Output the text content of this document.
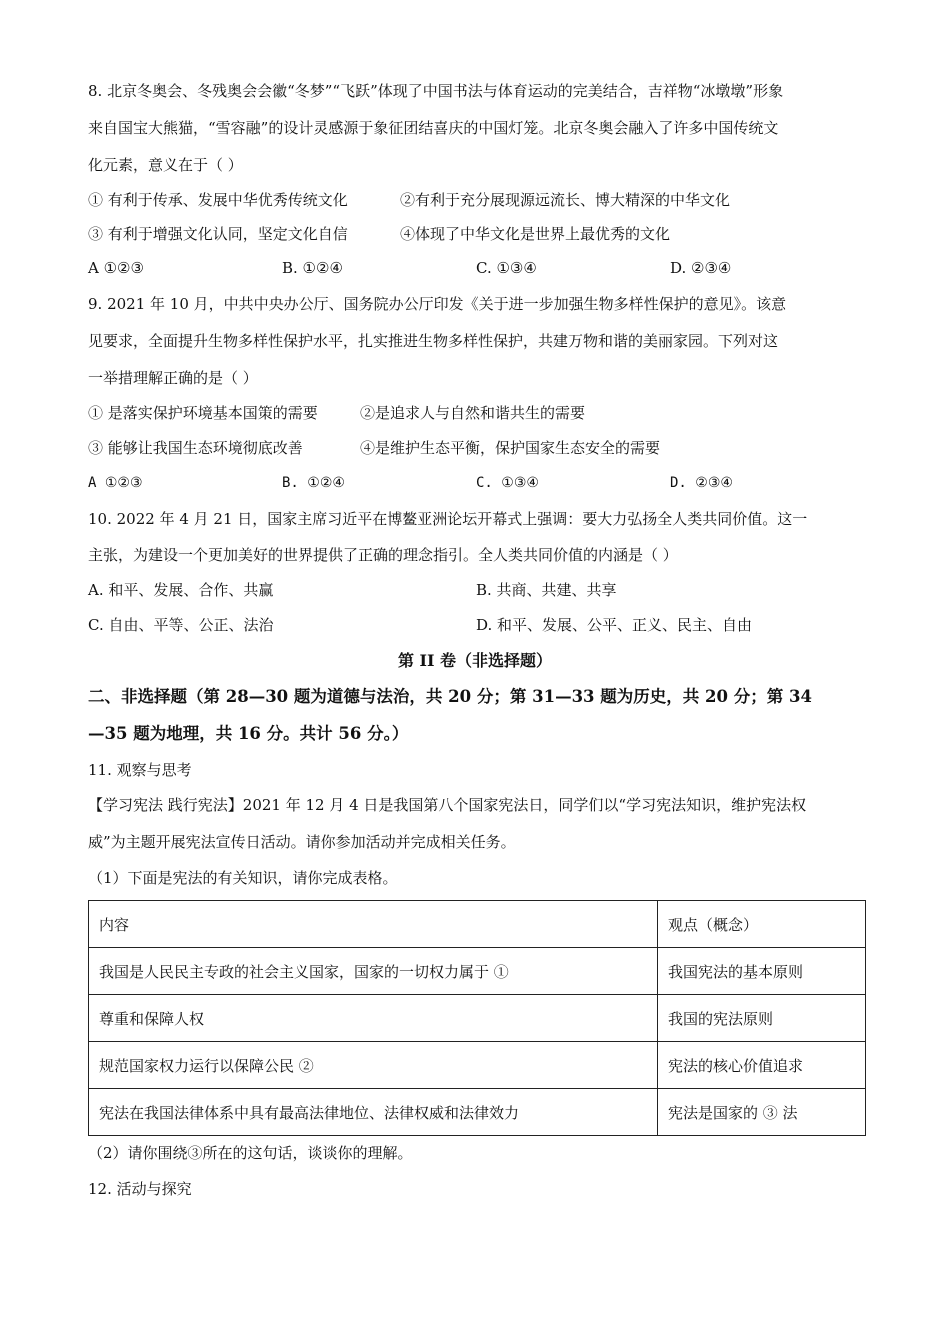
8. 北京冬奥会、冬残奥会会徽“冬梦”“飞跃”体现了中国书法与体育运动的完美结合，吉祥物“冰墩墩”形象
来自国宝大熊猫，“雪容融”的设计灵感源于象征团结喜庆的中国灯笼。北京冬奥会融入了许多中国传统文
化元素，意义在于（ ）
① 有利于传承、发展中华优秀传统文化	②有利于充分展现源远流长、博大精深的中华文化
③ 有利于增强文化认同，坚定文化自信	④体现了中华文化是世界上最优秀的文化
A ①②③	B. ①②④	C. ①③④	D. ②③④
9. 2021 年 10 月，中共中央办公厅、国务院办公厅印发《关于进一步加强生物多样性保护的意见》。该意
见要求，全面提升生物多样性保护水平，扎实推进生物多样性保护，共建万物和谐的美丽家园。下列对这
一举措理解正确的是（ ）
① 是落实保护环境基本国策的需要	②是追求人与自然和谐共生的需要
③ 能够让我国生态环境彻底改善	④是维护生态平衡，保护国家生态安全的需要
A ①②③	B. ①②④	C. ①③④	D. ②③④
10. 2022 年 4 月 21 日，国家主席习近平在博鳌亚洲论坛开幕式上强调：要大力弘扬全人类共同价值。这一
主张，为建设一个更加美好的世界提供了正确的理念指引。全人类共同价值的内涵是（ ）
A. 和平、发展、合作、共赢	B. 共商、共建、共享
C. 自由、平等、公正、法治	D. 和平、发展、公平、正义、民主、自由
第 II 卷（非选择题）
二、非选择题（第 28—30 题为道德与法治，共 20 分；第 31—33 题为历史，共 20 分；第 34
—35 题为地理，共 16 分。共计 56 分。）
11. 观察与思考
【学习宪法 践行宪法】2021 年 12 月 4 日是我国第八个国家宪法日，同学们以“学习宪法知识，维护宪法权
威”为主题开展宪法宣传日活动。请你参加活动并完成相关任务。
（1）下面是宪法的有关知识，请你完成表格。
内容	观点（概念）
我国是人民民主专政的社会主义国家，国家的一切权力属于 ①	我国宪法的基本原则
尊重和保障人权	我国的宪法原则
规范国家权力运行以保障公民 ②	宪法的核心价值追求
宪法在我国法律体系中具有最高法律地位、法律权威和法律效力	宪法是国家的 ③ 法
（2）请你围绕③所在的这句话，谈谈你的理解。
12. 活动与探究
